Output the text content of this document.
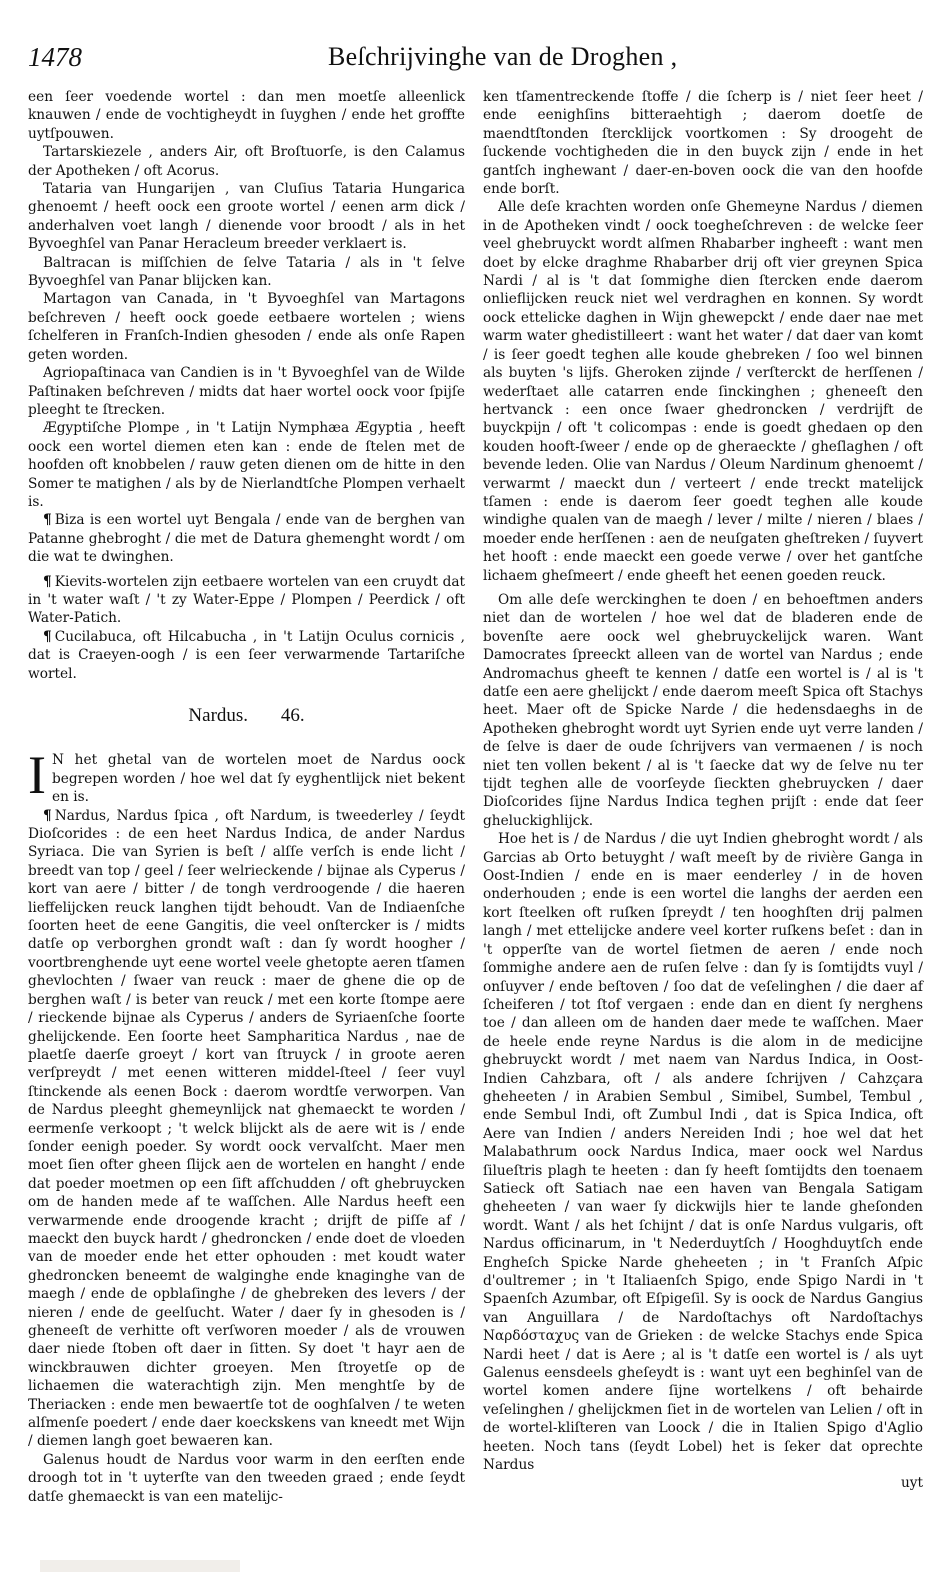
1478	Beſchrijvinghe van de Droghen ,

een ſeer voedende wortel : dan men moetſe alleenlick knauwen / ende de vochtigheydt in ſuyghen / ende het groffte uytſpouwen.

Tartarskiezele , anders Air, oft Broſtuorſe, is den Calamus der Apotheken / oft Acorus.

Tataria van Hungarijen , van Cluſius Tataria Hungarica ghenoemt / heeft oock een groote wortel / eenen arm dick / anderhalven voet langh / dienende voor broodt / als in het Byvoeghſel van Panar Heracleum breeder verklaert is.

Baltracan is miſſchien de ſelve Tataria / als in 't ſelve Byvoeghſel van Panar blijcken kan.

Martagon van Canada, in 't Byvoeghſel van Martagons beſchreven / heeft oock goede eetbaere wortelen ; wiens ſchelferen in Franſch-Indien ghesoden / ende als onſe Rapen geten worden.

Agriopaſtinaca van Candien is in 't Byvoeghſel van de Wilde Paſtinaken beſchreven / midts dat haer wortel oock voor ſpijſe pleeght te ſtrecken.

Ægyptiſche Plompe , in 't Latijn Nymphæa Ægyptia , heeft oock een wortel diemen eten kan : ende de ſtelen met de hoofden oft knobbelen / rauw geten dienen om de hitte in den Somer te matighen / als by de Nierlandtſche Plompen verhaelt is.

¶ Biza is een wortel uyt Bengala / ende van de berghen van Patanne ghebroght / die met de Datura ghemenght wordt / om die wat te dwinghen.

¶ Kievits-wortelen zijn eetbaere wortelen van een cruydt dat in 't water waſt / 't zy Water-Eppe / Plompen / Peerdick / oft Water-Patich.

¶ Cucilabuca, oft Hilcabucha , in 't Latijn Oculus cornicis , dat is Craeyen-oogh / is een ſeer verwarmende Tartariſche wortel.

Nardus. 46.

I N het ghetal van de wortelen moet de Nardus oock begrepen worden / hoe wel dat ſy eyghentlijck niet bekent en is.

¶ Nardus, Nardus ſpica , oft Nardum, is tweederley / ſeydt Dioſcorides : de een heet Nardus Indica, de ander Nardus Syriaca. Die van Syrien is beſt / alſſe verſch is ende licht / breedt van top / geel / ſeer welrieckende / bijnae als Cyperus / kort van aere / bitter / de tongh verdroogende / die haeren lieffelijcken reuck langhen tijdt behoudt. Van de Indiaenſche ſoorten heet de eene Gangitis, die veel onſtercker is / midts datſe op verborghen grondt waſt : dan ſy wordt hoogher / voortbrenghende uyt eene wortel veele ghetopte aeren tſamen ghevlochten / ſwaer van reuck : maer de ghene die op de berghen waſt / is beter van reuck / met een korte ſtompe aere / rieckende bijnae als Cyperus / anders de Syriaenſche ſoorte ghelijckende. Een ſoorte heet Sampharitica Nardus , nae de plaetſe daerſe groeyt / kort van ſtruyck / in groote aeren verſpreydt / met eenen witteren middel-ſteel / ſeer vuyl ſtinckende als eenen Bock : daerom wordtſe verworpen. Van de Nardus pleeght ghemeynlijck nat ghemaeckt te worden / eermenſe verkoopt ; 't welck blijckt als de aere wit is / ende ſonder eenigh poeder. Sy wordt oock vervalſcht. Maer men moet ſien ofter gheen ſlijck aen de wortelen en hanght / ende dat poeder moetmen op een ſift afſchudden / oft ghebruycken om de handen mede af te waſſchen. Alle Nardus heeft een verwarmende ende droogende kracht ; drijft de piſſe af / maeckt den buyck hardt / ghedroncken / ende doet de vloeden van de moeder ende het etter ophouden : met koudt water ghedroncken beneemt de walginghe ende knaginghe van de maegh / ende de opblaſinghe / de ghebreken des levers / der nieren / ende de geelſucht. Water / daer ſy in ghesoden is / gheneeſt de verhitte oft verſworen moeder / als de vrouwen daer niede ſtoben oft daer in ſitten. Sy doet 't hayr aen de winckbrauwen dichter groeyen. Men ſtroyetſe op de lichaemen die waterachtigh zijn. Men menghtſe by de Theriacken : ende men bewaertſe tot de ooghſalven / te weten alſmenſe poedert / ende daer koeckskens van kneedt met Wijn / diemen langh goet bewaeren kan.

Galenus houdt de Nardus voor warm in den eerſten ende droogh tot in 't uyterſte van den tweeden graed ; ende ſeydt datſe ghemaeckt is van een matelijc-

ken tſamentreckende ſtoffe / die ſcherp is / niet ſeer heet / ende eenighſins bitteraehtigh ; daerom doetſe de maendtſtonden ſtercklijck voortkomen : Sy droogeht de ſuckende vochtigheden die in den buyck zijn / ende in het gantſch inghewant / daer-en-boven oock die van den hoofde ende borſt.

Alle deſe krachten worden onſe Ghemeyne Nardus / diemen in de Apotheken vindt / oock toegheſchreven : de welcke ſeer veel ghebruyckt wordt alſmen Rhabarber ingheeft : want men doet by elcke draghme Rhabarber drij oft vier greynen Spica Nardi / al is 't dat ſommighe dien ſtercken ende daerom onlieflijcken reuck niet wel verdraghen en konnen. Sy wordt oock ettelicke daghen in Wijn ghewepckt / ende daer nae met warm water ghedistilleert : want het water / dat daer van komt / is ſeer goedt teghen alle koude ghebreken / ſoo wel binnen als buyten 's lijfs. Gheroken zijnde / verſterckt de herſſenen / wederſtaet alle catarren ende ſinckinghen ; gheneeſt den hertvanck : een once ſwaer ghedroncken / verdrijft de buyckpijn / oft 't colicompas : ende is goedt ghedaen op den kouden hooft-ſweer / ende op de gheraeckte / gheſlaghen / oft bevende leden. Olie van Nardus / Oleum Nardinum ghenoemt / verwarmt / maeckt dun / verteert / ende treckt matelijck tſamen : ende is daerom ſeer goedt teghen alle koude windighe qualen van de maegh / lever / milte / nieren / blaes / moeder ende herſſenen : aen de neuſgaten gheſtreken / ſuyvert het hooft : ende maeckt een goede verwe / over het gantſche lichaem gheſmeert / ende gheeft het eenen goeden reuck.

Om alle deſe werckinghen te doen / en behoeftmen anders niet dan de wortelen / hoe wel dat de bladeren ende de bovenſte aere oock wel ghebruyckelijck waren. Want Damocrates ſpreeckt alleen van de wortel van Nardus ; ende Andromachus gheeft te kennen / datſe een wortel is / al is 't datſe een aere ghelijckt / ende daerom meeſt Spica oft Stachys heet. Maer oft de Spicke Narde / die hedensdaeghs in de Apotheken ghebroght wordt uyt Syrien ende uyt verre landen / de ſelve is daer de oude ſchrijvers van vermaenen / is noch niet ten vollen bekent / al is 't ſaecke dat wy de ſelve nu ter tijdt teghen alle de voorſeyde ſieckten ghebruycken / daer Dioſcorides ſijne Nardus Indica teghen prijſt : ende dat ſeer gheluckighlijck.

Hoe het is / de Nardus / die uyt Indien ghebroght wordt / als Garcias ab Orto betuyght / waſt meeſt by de rivière Ganga in Oost-Indien / ende en is maer eenderley / in de hoven onderhouden ; ende is een wortel die langhs der aerden een kort ſteelken oft ruſken ſpreydt / ten hooghſten drij palmen langh / met ettelijcke andere veel korter ruſkens beſet : dan in 't opperſte van de wortel ſietmen de aeren / ende noch ſommighe andere aen de ruſen ſelve : dan ſy is ſomtijdts vuyl / onſuyver / ende beſtoven / ſoo dat de veſelinghen / die daer af ſcheiferen / tot ſtof vergaen : ende dan en dient ſy nerghens toe / dan alleen om de handen daer mede te waſſchen. Maer de heele ende reyne Nardus is die alom in de medicijne ghebruyckt wordt / met naem van Nardus Indica, in Oost-Indien Cahzbara, oft / als andere ſchrijven / Cahzçara gheheeten / in Arabien Sembul , Simibel, Sumbel, Tembul , ende Sembul Indi, oft Zumbul Indi , dat is Spica Indica, oft Aere van Indien / anders Nereiden Indi ; hoe wel dat het Malabathrum oock Nardus Indica, maer oock wel Nardus ſilueſtris plagh te heeten : dan ſy heeft ſomtijdts den toenaem Satieck oft Satiach nae een haven van Bengala Satigam gheheeten / van waer ſy dickwijls hier te lande gheſonden wordt. Want / als het ſchijnt / dat is onſe Nardus vulgaris, oft Nardus officinarum, in 't Nederduytſch / Hooghduytſch ende Engheſch Spicke Narde gheheeten ; in 't Franſch Aſpic d'oultremer ; in 't Italiaenſch Spigo, ende Spigo Nardi in 't Spaenſch Azumbar, oft Eſpigeſil. Sy is oock de Nardus Gangius van Anguillara / de Nardoſtachys oft Nardoſtachys Ναρδόσταχυς van de Grieken : de welcke Stachys ende Spica Nardi heet / dat is Aere ; al is 't datſe een wortel is / als uyt Galenus eensdeels gheſeydt is : want uyt een beghinſel van de wortel komen andere ſijne wortelkens / oft behairde veſelinghen / ghelijckmen ſiet in de wortelen van Lelien / oft in de wortel-kliſteren van Loock / die in Italien Spigo d'Aglio heeten. Noch tans (ſeydt Lobel) het is ſeker dat oprechte Nardus

uyt
